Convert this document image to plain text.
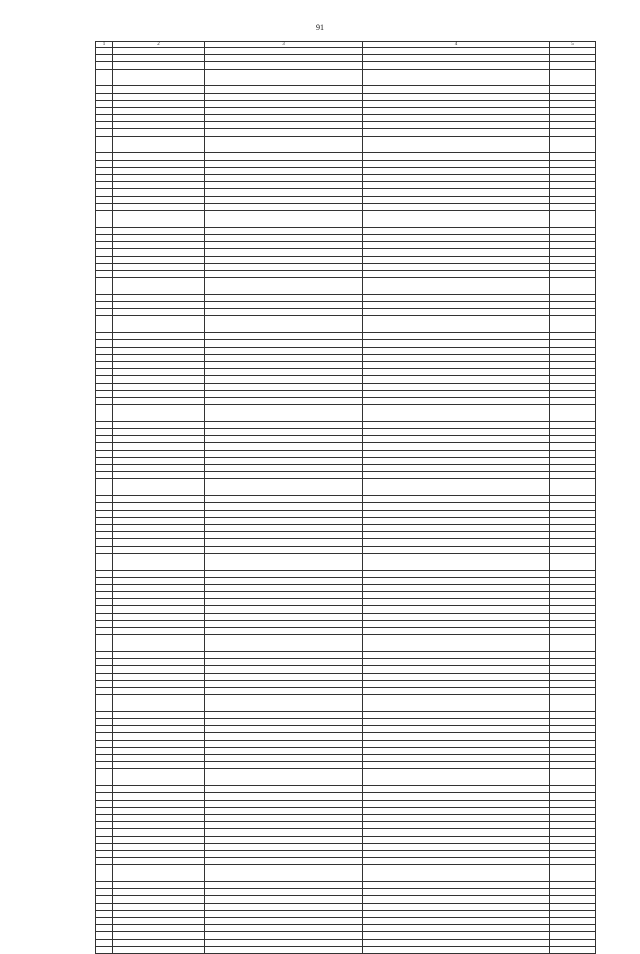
91
1	2	3	4	5
